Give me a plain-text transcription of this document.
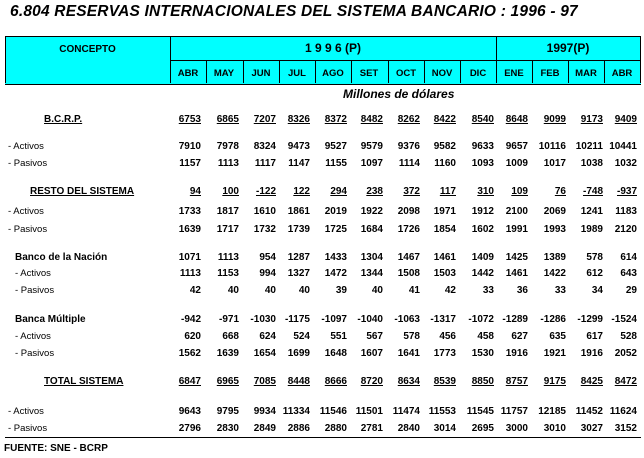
6.804 RESERVAS INTERNACIONALES DEL SISTEMA BANCARIO : 1996 - 97
CONCEPTO	1 9 9 6 (P)	1997(P)
ABR	MAY	JUN	JUL	AGO	SET	OCT	NOV	DIC	ENE	FEB	MAR	ABR
Millones de dólares
B.C.R.P.	6753	6865	7207	8326	8372	8482	8262	8422	8540	8648	9099	9173	9409
- Activos	7910	7978	8324	9473	9527	9579	9376	9582	9633	9657	10116 10211 10441
- Pasivos	1157	1113	1117	1147	1155	1097	1114	1160	1093	1009	1017	1038	1032
RESTO DEL SISTEMA	94	100	-122	122	294	238	372	117	310	109	76	-748	-937
- Activos	1733	1817	1610	1861	2019	1922	2098	1971	1912	2100	2069	1241	1183
- Pasivos	1639	1717	1732	1739	1725	1684	1726	1854	1602	1991	1993	1989	2120
Banco de la Nación	1071	1113	954	1287	1433	1304	1467	1461	1409	1425	1389	578	614
- Activos	1113	1153	994	1327	1472	1344	1508	1503	1442	1461	1422	612	643
- Pasivos	42	40	40	40	39	40	41	42	33	36	33	34	29
Banca Múltiple	-942	-971	-1030 -1175	-1097	-1040	-1063	-1317	-1072 -1289	-1286	-1299 -1524
- Activos	620	668	624	524	551	567	578	456	458	627	635	617	528
- Pasivos	1562	1639	1654	1699	1648	1607	1641	1773	1530	1916	1921	1916	2052
TOTAL SISTEMA	6847	6965	7085	8448	8666	8720	8634	8539	8850	8757	9175	8425	8472
- Activos	9643	9795	9934 11334 11546 11501 11474 11553	11545 11757	12185 11452 11624
- Pasivos	2796	2830	2849	2886	2880	2781	2840	3014	2695	3000	3010	3027	3152
FUENTE: SNE - BCRP
